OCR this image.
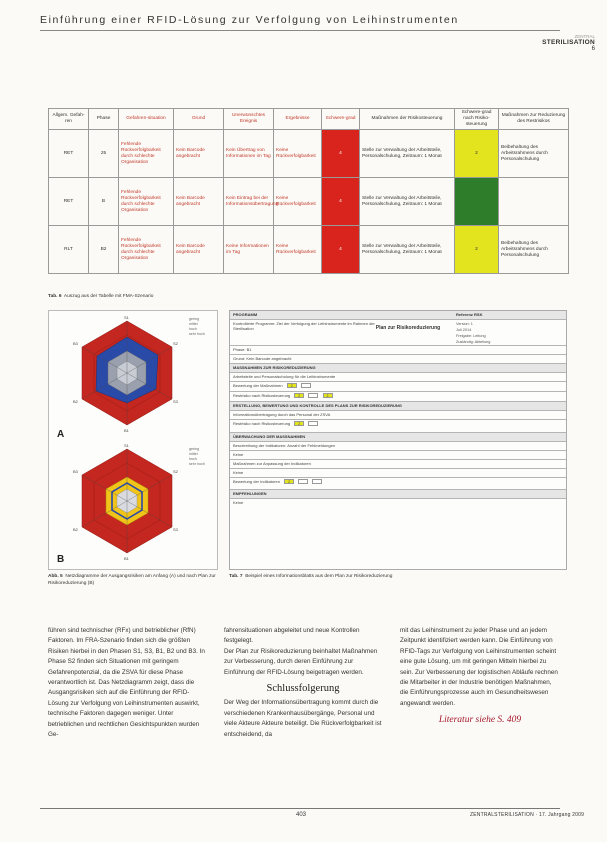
Einführung einer RFID-Lösung zur Verfolgung von Leihinstrumenten
ZENTRAL
STERILISATION
6
Allgem. Gefah-ren	Phase	Gefahren-situation	Grund	Unerwünschtes Ereignis	Ergebnisse	Schwere-grad	Maßnahmen der Risikosteuerung	Schwere-grad nach Risiko-steuerung	Maßnahmen zur Reduzierung des Restrisikos
RET	25	Fehlende Rückverfolgbarkeit durch schlechte Organisation	Kein Barcode angebracht	Kein Übertrag von Informationen im Tag	Keine Rückverfolgbarkeit	4	Stelle zur Verwaltung der Arbeitsteile, Personalschulung, Zeitraum: 1 Monat	2	Beibehaltung des Arbeitsrahmens durch Personalschulung
RET	B	Fehlende Rückverfolgbarkeit durch schlechte Organisation	Kein Barcode angebracht	Kein Eintrag bei der Informationsübertragung	Keine Rückverfolgbarkeit	4	Stelle zur Verwaltung der Arbeitsteile, Personalschulung, Zeitraum: 1 Monat		
RLT	B2	Fehlende Rückverfolgbarkeit durch schlechte Organisation	Kein Barcode angebracht	Keine Informationen im Tag	Keine Rückverfolgbarkeit	4	Stelle zur Verwaltung der Arbeitsteile, Personalschulung, Zeitraum: 1 Monat	2	Beibehaltung des Arbeitsrahmens durch Personalschulung
Tab. 6 Auszug aus der Tabelle mit FMA-Szenario
S1
S2
S3
B1
B2
B3
S1
S2
S3
B1
B2
B3
A
B
gering
mittel
hoch
sehr hoch
gering
mittel
hoch
sehr hoch
Abb. 5 Netzdiagramme der Ausgangsrisiken am Anfang (A) und nach Plan zur Risikoreduzierung (B)
PROGRAMM	Referenz RSK
Kontrollierte Programm: Ziel der Verfolgung der Leihinstrumente im Rahmen der Sterilisation	Plan zur Risikoreduzierung
Version: 1
Juli 2014
Freigabe: Leitung
Zuständig: Abteilung
Phase: B1
Grund: Kein Barcode angebracht
MASSNAHMEN ZUR RISIKOREDUZIERUNG
Arbeitsteile und Personalschulung für die Leihinstrumente
Bewertung der Maßnahmen 2
Restrisiko nach Risikosteuerung 2	2
ERSTELLUNG, BEWERTUNG UND KONTROLLE DES PLANS ZUR RISIKOREDUZIERUNG
Informationsübertragung durch das Personal der ZSVA
Restrisiko nach Risikosteuerung 2
ÜBERWACHUNG DER MASSNAHMEN
Beschreibung der Indikatoren: Anzahl der Fehlmeldungen
Keine
Maßnahmen zur Anpassung der Indikatoren
Keine
Bewertung der Indikatoren 2
EMPFEHLUNGEN
Keine
Tab. 7 Beispiel eines Informationsblatts aus dem Plan zur Risikoreduzierung

führen sind technischer (RFx) und betrieblicher (RfN) Faktoren. Im FRA-Szenario finden sich die größten Risiken hierbei in den Phasen S1, S3, B1, B2 und B3. In Phase S2 finden sich Situationen mit geringem Gefahrenpotenzial, da die ZSVA für diese Phase verantwortlich ist. Das Netzdiagramm zeigt, dass die Ausgangsrisiken sich auf die Einführung der RFID-Lösung zur Verfolgung von Leihinstrumenten auswirkt, technische Faktoren dagegen weniger. Unter betrieblichen und rechtlichen Gesichtspunkten wurden Ge-

fahrensituationen abgeleitet und neue Kontrollen festgelegt.

Der Plan zur Risikoreduzierung beinhaltet Maßnahmen zur Verbesserung, durch deren Einführung zur Einführung der RFID-Lösung beigetragen werden.

Schlussfolgerung

Der Weg der Informationsübertragung kommt durch die verschiedenen Krankenhausübergänge, Personal und viele Akteure Akteure beteiligt. Die Rückverfolgbarkeit ist entscheidend, da

mit das Leihinstrument zu jeder Phase und an jedem Zeitpunkt identifiziert werden kann. Die Einführung von RFID-Tags zur Verfolgung von Leihinstrumenten scheint eine gute Lösung, um mit geringen Mitteln hierbei zu sein. Zur Verbesserung der logistischen Abläufe rechnen die Mitarbeiter in der Industrie benötigen Maßnahmen, die Einführungsprozesse auch im Gesundheitswesen angewandt werden.

Literatur siehe S. 409
403	ZENTRALSTERILISATION · 17. Jahrgang 2009
